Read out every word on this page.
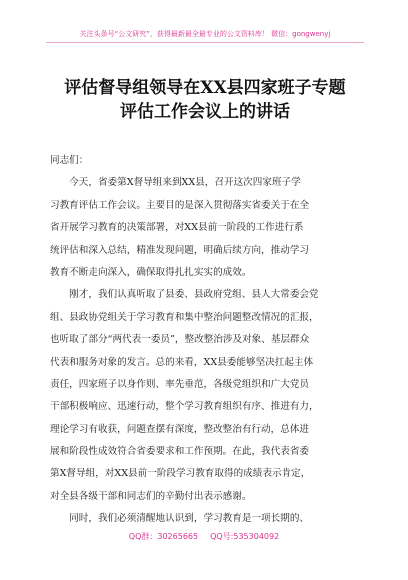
关注头条号“公文研究”，获得最新最全最专业的公文资料库！ 微信：gongwenyj
评估督导组领导在XX县四家班子专题
评估工作会议上的讲话
同志们：
　　今天，省委第X督导组来到XX县，召开这次四家班子学
习教育评估工作会议。主要目的是深入贯彻落实省委关于在全
省开展学习教育的决策部署，对XX县前一阶段的工作进行系
统评估和深入总结，精准发现问题，明确后续方向，推动学习
教育不断走向深入，确保取得扎扎实实的成效。
　　刚才，我们认真听取了县委、县政府党组、县人大常委会党
组、县政协党组关于学习教育和集中整治问题整改情况的汇报，
也听取了部分“两代表一委员”，整改整治涉及对象、基层群众
代表和服务对象的发言。总的来看，XX县委能够坚决扛起主体
责任，四家班子以身作则、率先垂范，各级党组织和广大党员
干部积极响应、迅速行动，整个学习教育组织有序、推进有力，
理论学习有收获，问题查摆有深度，整改整治有行动，总体进
展和阶段性成效符合省委要求和工作预期。在此，我代表省委
第X督导组，对XX县前一阶段学习教育取得的成绩表示肯定，
对全县各级干部和同志们的辛勤付出表示感谢。
　　同时，我们必须清醒地认识到，学习教育是一项长期的、
QQ群：30265665 QQ号:535304092
